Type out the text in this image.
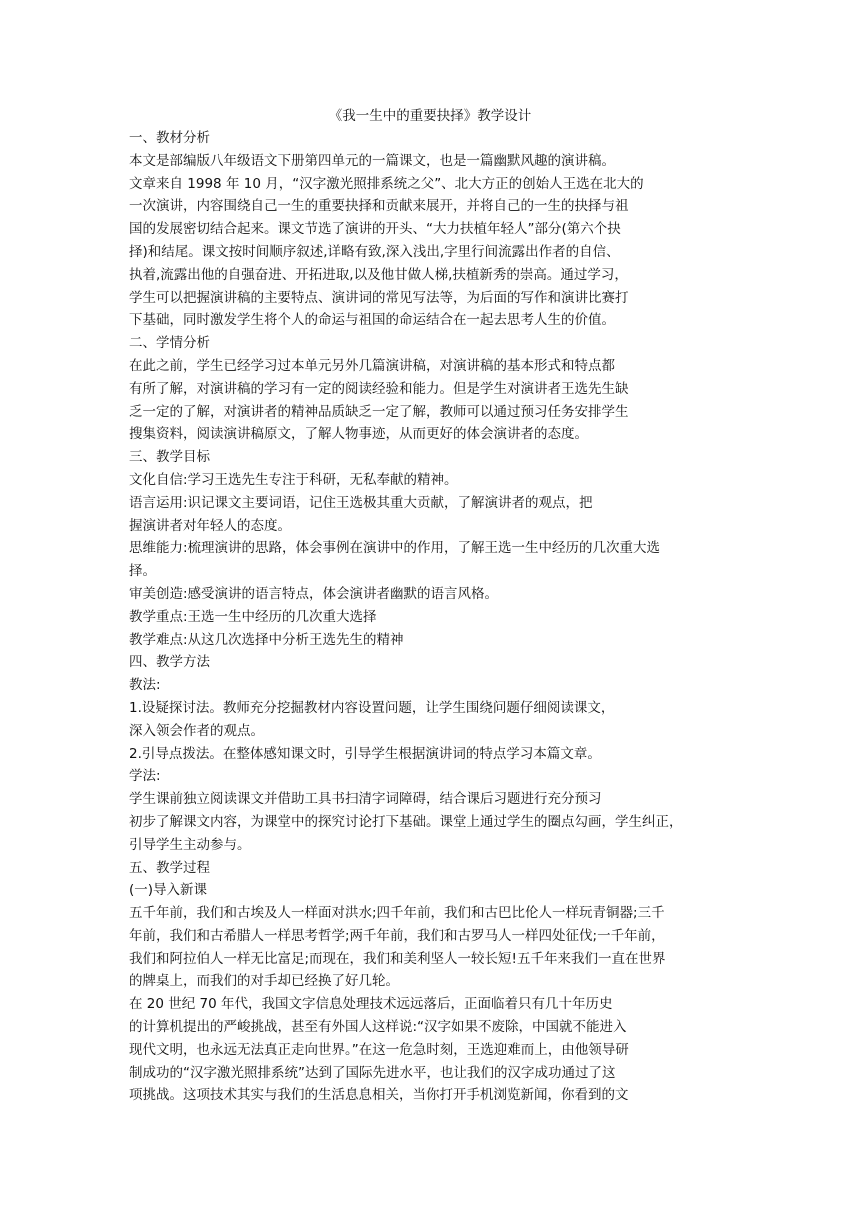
《我一生中的重要抉择》教学设计
一、教材分析
本文是部编版八年级语文下册第四单元的一篇课文，也是一篇幽默风趣的演讲稿。
文章来自 1998 年 10 月，“汉字激光照排系统之父”、北大方正的创始人王选在北大的
一次演讲，内容围绕自己一生的重要抉择和贡献来展开，并将自己的一生的抉择与祖
国的发展密切结合起来。课文节选了演讲的开头、“大力扶植年轻人”部分(第六个抉
择)和结尾。课文按时间顺序叙述,详略有致,深入浅出,字里行间流露出作者的自信、
执着,流露出他的自强奋进、开拓进取,以及他甘做人梯,扶植新秀的崇高。通过学习，
学生可以把握演讲稿的主要特点、演讲词的常见写法等，为后面的写作和演讲比赛打
下基础，同时激发学生将个人的命运与祖国的命运结合在一起去思考人生的价值。
二、学情分析
在此之前，学生已经学习过本单元另外几篇演讲稿，对演讲稿的基本形式和特点都
有所了解，对演讲稿的学习有一定的阅读经验和能力。但是学生对演讲者王选先生缺
乏一定的了解，对演讲者的精神品质缺乏一定了解，教师可以通过预习任务安排学生
搜集资料，阅读演讲稿原文，了解人物事迹，从而更好的体会演讲者的态度。
三、教学目标
文化自信:学习王选先生专注于科研，无私奉献的精神。
语言运用:识记课文主要词语，记住王选极其重大贡献，了解演讲者的观点，把
握演讲者对年轻人的态度。
思维能力:梳理演讲的思路，体会事例在演讲中的作用，了解王选一生中经历的几次重大选
择。
审美创造:感受演讲的语言特点，体会演讲者幽默的语言风格。
教学重点:王选一生中经历的几次重大选择
教学难点:从这几次选择中分析王选先生的精神
四、教学方法
教法:
1.设疑探讨法。教师充分挖掘教材内容设置问题，让学生围绕问题仔细阅读课文，
深入领会作者的观点。
2.引导点拨法。在整体感知课文时，引导学生根据演讲词的特点学习本篇文章。
学法:
学生课前独立阅读课文并借助工具书扫清字词障碍，结合课后习题进行充分预习
初步了解课文内容，为课堂中的探究讨论打下基础。课堂上通过学生的圈点勾画，学生纠正，
引导学生主动参与。
五、教学过程
(一)导入新课
五千年前，我们和古埃及人一样面对洪水;四千年前，我们和古巴比伦人一样玩青铜器;三千
年前，我们和古希腊人一样思考哲学;两千年前，我们和古罗马人一样四处征伐;一千年前，
我们和阿拉伯人一样无比富足;而现在，我们和美利坚人一较长短!五千年来我们一直在世界
的牌桌上，而我们的对手却已经换了好几轮。
在 20 世纪 70 年代，我国文字信息处理技术远远落后，正面临着只有几十年历史
的计算机提出的严峻挑战，甚至有外国人这样说:“汉字如果不废除，中国就不能进入
现代文明，也永远无法真正走向世界。”在这一危急时刻，王选迎难而上，由他领导研
制成功的“汉字激光照排系统”达到了国际先进水平，也让我们的汉字成功通过了这
项挑战。这项技术其实与我们的生活息息相关，当你打开手机浏览新闻，你看到的文
